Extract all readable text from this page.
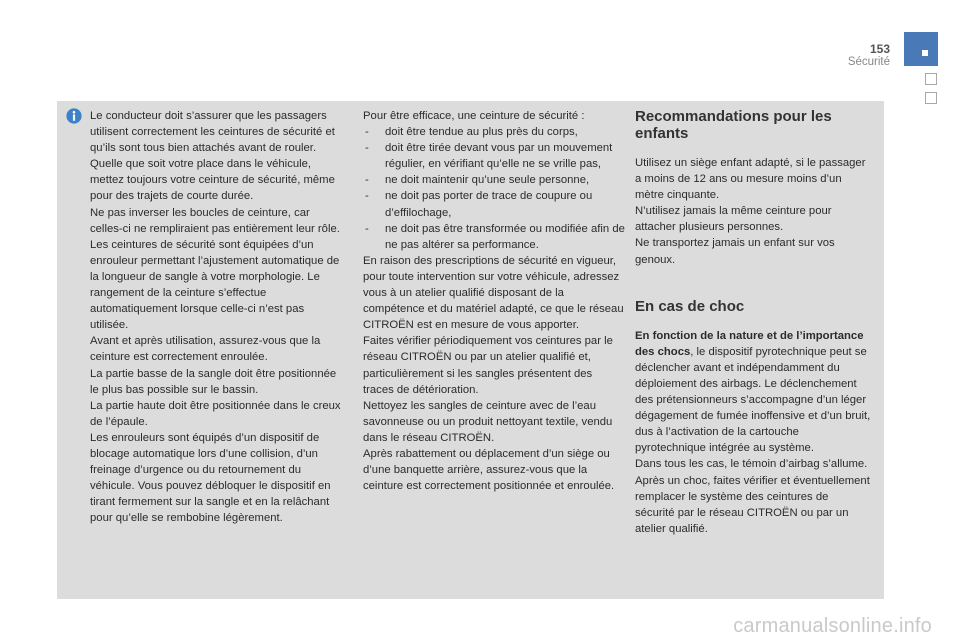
153
Sécurité

Le conducteur doit s’assurer que les passagers utilisent correctement les ceintures de sécurité et qu’ils sont tous bien attachés avant de rouler.

Quelle que soit votre place dans le véhicule, mettez toujours votre ceinture de sécurité, même pour des trajets de courte durée.

Ne pas inverser les boucles de ceinture, car celles-ci ne rempliraient pas entièrement leur rôle.

Les ceintures de sécurité sont équipées d’un enrouleur permettant l’ajustement automatique de la longueur de sangle à votre morphologie. Le rangement de la ceinture s’effectue automatiquement lorsque celle-ci n’est pas utilisée.

Avant et après utilisation, assurez-vous que la ceinture est correctement enroulée.

La partie basse de la sangle doit être positionnée le plus bas possible sur le bassin.

La partie haute doit être positionnée dans le creux de l’épaule.

Les enrouleurs sont équipés d’un dispositif de blocage automatique lors d’une collision, d’un freinage d’urgence ou du retournement du véhicule. Vous pouvez débloquer le dispositif en tirant fermement sur la sangle et en la relâchant pour qu’elle se rembobine légèrement.

Pour être efficace, une ceinture de sécurité :

- doit être tendue au plus près du corps,

- doit être tirée devant vous par un mouvement régulier, en vérifiant qu’elle ne se vrille pas,

- ne doit maintenir qu’une seule personne,

- ne doit pas porter de trace de coupure ou d’effilochage,

- ne doit pas être transformée ou modifiée afin de ne pas altérer sa performance.

En raison des prescriptions de sécurité en vigueur, pour toute intervention sur votre véhicule, adressez vous à un atelier qualifié disposant de la compétence et du matériel adapté, ce que le réseau CITROËN est en mesure de vous apporter.

Faites vérifier périodiquement vos ceintures par le réseau CITROËN ou par un atelier qualifié et, particulièrement si les sangles présentent des traces de détérioration.

Nettoyez les sangles de ceinture avec de l’eau savonneuse ou un produit nettoyant textile, vendu dans le réseau CITROËN.

Après rabattement ou déplacement d’un siège ou d’une banquette arrière, assurez-vous que la ceinture est correctement positionnée et enroulée.

Recommandations pour les enfants

Utilisez un siège enfant adapté, si le passager a moins de 12 ans ou mesure moins d’un mètre cinquante.

N’utilisez jamais la même ceinture pour attacher plusieurs personnes.

Ne transportez jamais un enfant sur vos genoux.

En cas de choc

En fonction de la nature et de l’importance des chocs, le dispositif pyrotechnique peut se déclencher avant et indépendamment du déploiement des airbags. Le déclenchement des prétensionneurs s’accompagne d’un léger dégagement de fumée inoffensive et d’un bruit, dus à l’activation de la cartouche pyrotechnique intégrée au système.

Dans tous les cas, le témoin d’airbag s’allume.

Après un choc, faites vérifier et éventuellement remplacer le système des ceintures de sécurité par le réseau CITROËN ou par un atelier qualifié.

carmanualsonline.info
